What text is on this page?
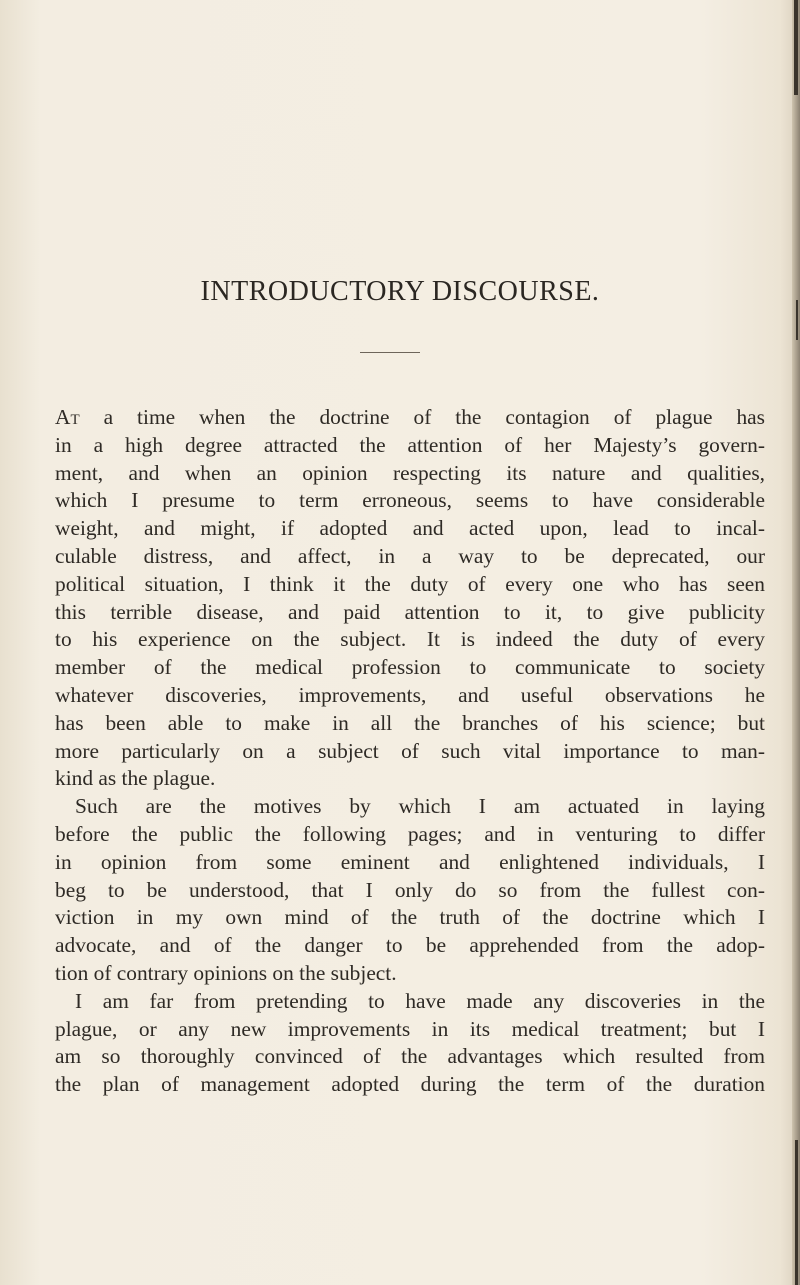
INTRODUCTORY DISCOURSE.
At a time when the doctrine of the contagion of plague has
in a high degree attracted the attention of her Majesty’s govern-
ment, and when an opinion respecting its nature and qualities,
which I presume to term erroneous, seems to have considerable
weight, and might, if adopted and acted upon, lead to incal-
culable distress, and affect, in a way to be deprecated, our
political situation, I think it the duty of every one who has seen
this terrible disease, and paid attention to it, to give publicity
to his experience on the subject. It is indeed the duty of every
member of the medical profession to communicate to society
whatever discoveries, improvements, and useful observations he
has been able to make in all the branches of his science; but
more particularly on a subject of such vital importance to man-
kind as the plague.
Such are the motives by which I am actuated in laying
before the public the following pages; and in venturing to differ
in opinion from some eminent and enlightened individuals, I
beg to be understood, that I only do so from the fullest con-
viction in my own mind of the truth of the doctrine which I
advocate, and of the danger to be apprehended from the adop-
tion of contrary opinions on the subject.
I am far from pretending to have made any discoveries in the
plague, or any new improvements in its medical treatment; but I
am so thoroughly convinced of the advantages which resulted from
the plan of management adopted during the term of the duration
